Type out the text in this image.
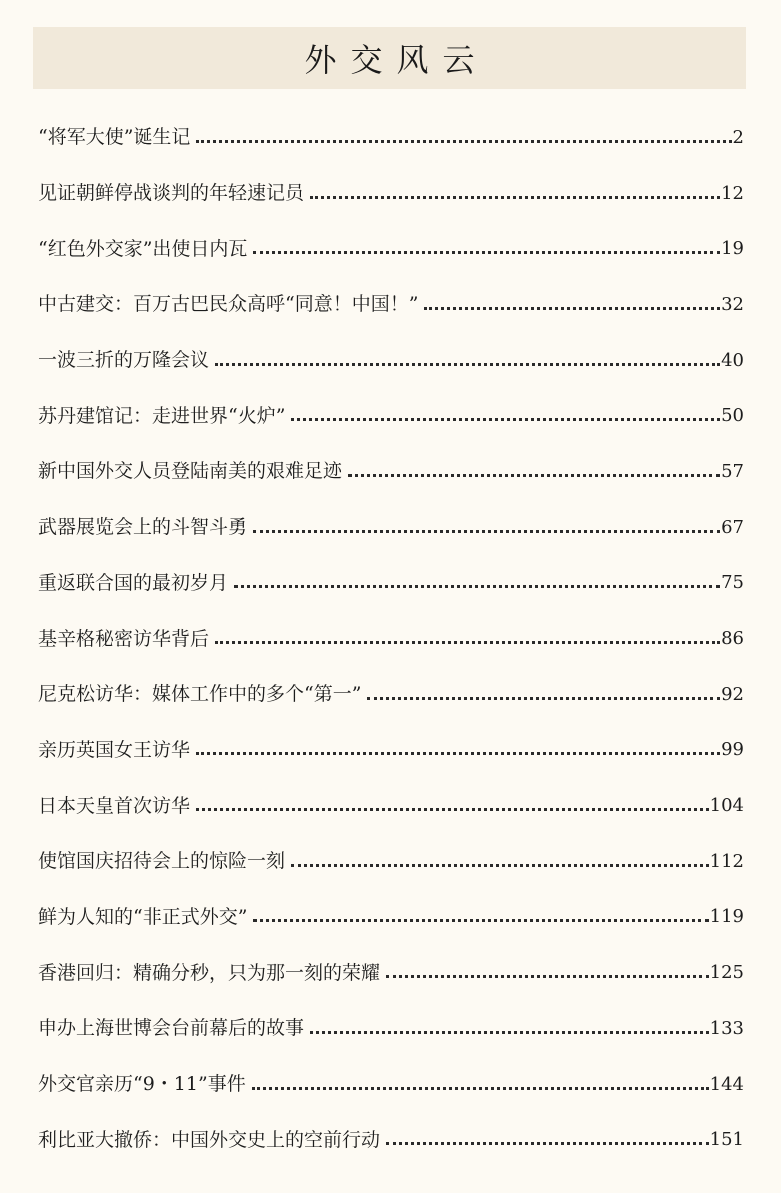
外交风云
“将军大使”诞生记	2
见证朝鲜停战谈判的年轻速记员	12
“红色外交家”出使日内瓦	19
中古建交：百万古巴民众高呼“同意！中国！”	32
一波三折的万隆会议	40
苏丹建馆记：走进世界“火炉”	50
新中国外交人员登陆南美的艰难足迹	57
武器展览会上的斗智斗勇	67
重返联合国的最初岁月	75
基辛格秘密访华背后	86
尼克松访华：媒体工作中的多个“第一”	92
亲历英国女王访华	99
日本天皇首次访华	104
使馆国庆招待会上的惊险一刻	112
鲜为人知的“非正式外交”	119
香港回归：精确分秒，只为那一刻的荣耀	125
申办上海世博会台前幕后的故事	133
外交官亲历“9・11”事件	144
利比亚大撤侨：中国外交史上的空前行动	151
